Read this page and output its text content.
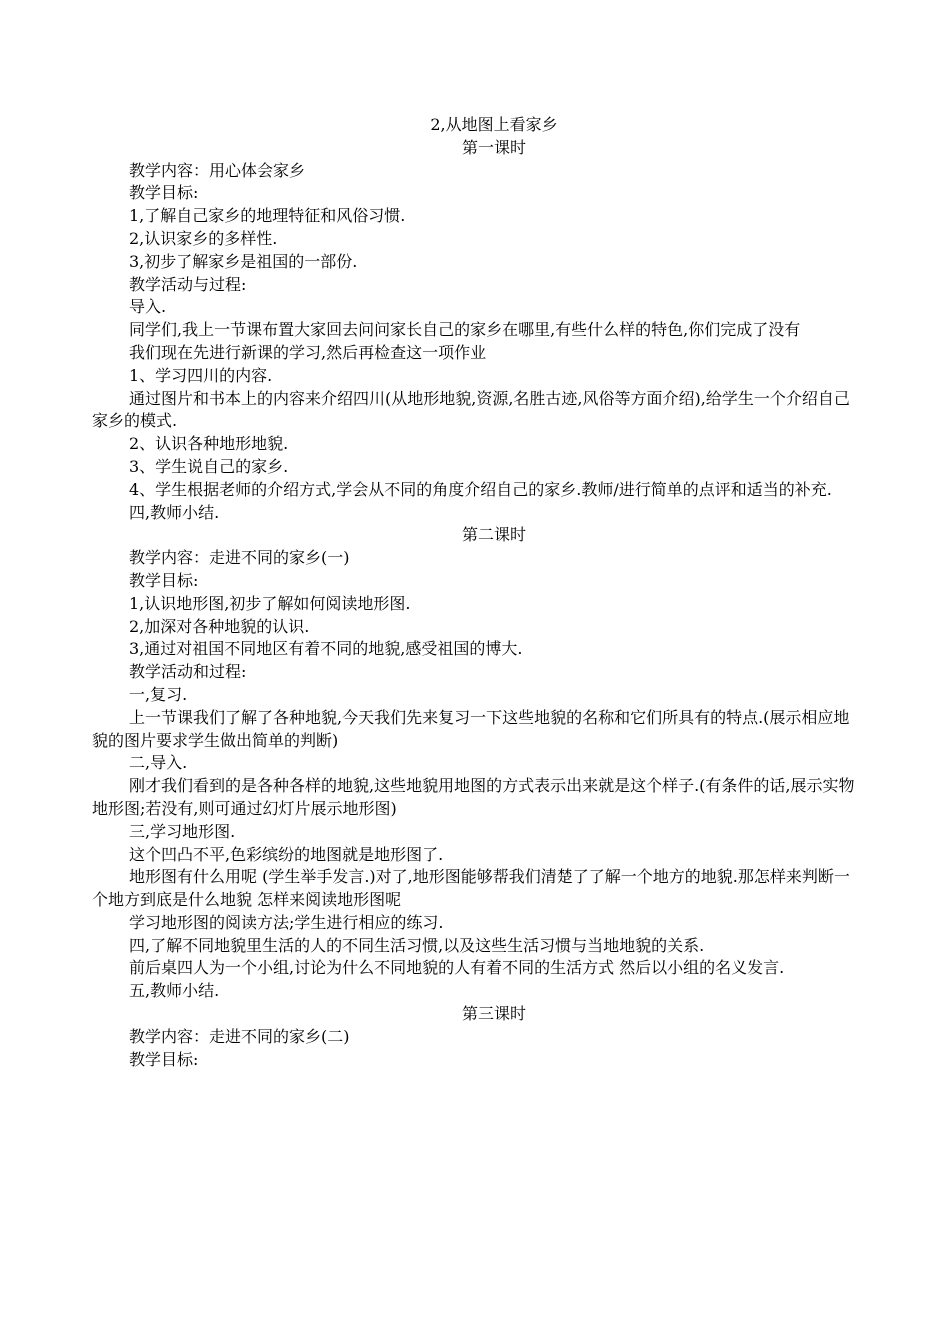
2,从地图上看家乡
第一课时

教学内容：用心体会家乡

教学目标:

1,了解自己家乡的地理特征和风俗习惯.

2,认识家乡的多样性.

3,初步了解家乡是祖国的一部份.

教学活动与过程:

导入.

同学们,我上一节课布置大家回去问问家长自己的家乡在哪里,有些什么样的特色,你们完成了没有

我们现在先进行新课的学习,然后再检查这一项作业

1、学习四川的内容.

通过图片和书本上的内容来介绍四川(从地形地貌,资源,名胜古迹,风俗等方面介绍),给学生一个介绍自己家乡的模式.

2、认识各种地形地貌.

3、学生说自己的家乡.

4、学生根据老师的介绍方式,学会从不同的角度介绍自己的家乡.教师/进行简单的点评和适当的补充.

四,教师小结.

第二课时

教学内容：走进不同的家乡(一)

教学目标:

1,认识地形图,初步了解如何阅读地形图.

2,加深对各种地貌的认识.

3,通过对祖国不同地区有着不同的地貌,感受祖国的博大.

教学活动和过程:

一,复习.

上一节课我们了解了各种地貌,今天我们先来复习一下这些地貌的名称和它们所具有的特点.(展示相应地貌的图片要求学生做出简单的判断)

二,导入.

刚才我们看到的是各种各样的地貌,这些地貌用地图的方式表示出来就是这个样子.(有条件的话,展示实物地形图;若没有,则可通过幻灯片展示地形图)

三,学习地形图.

这个凹凸不平,色彩缤纷的地图就是地形图了.

地形图有什么用呢 (学生举手发言.)对了,地形图能够帮我们清楚了了解一个地方的地貌.那怎样来判断一个地方到底是什么地貌 怎样来阅读地形图呢

学习地形图的阅读方法;学生进行相应的练习.

四,了解不同地貌里生活的人的不同生活习惯,以及这些生活习惯与当地地貌的关系.

前后桌四人为一个小组,讨论为什么不同地貌的人有着不同的生活方式 然后以小组的名义发言.

五,教师小结.

第三课时

教学内容：走进不同的家乡(二)

教学目标:
